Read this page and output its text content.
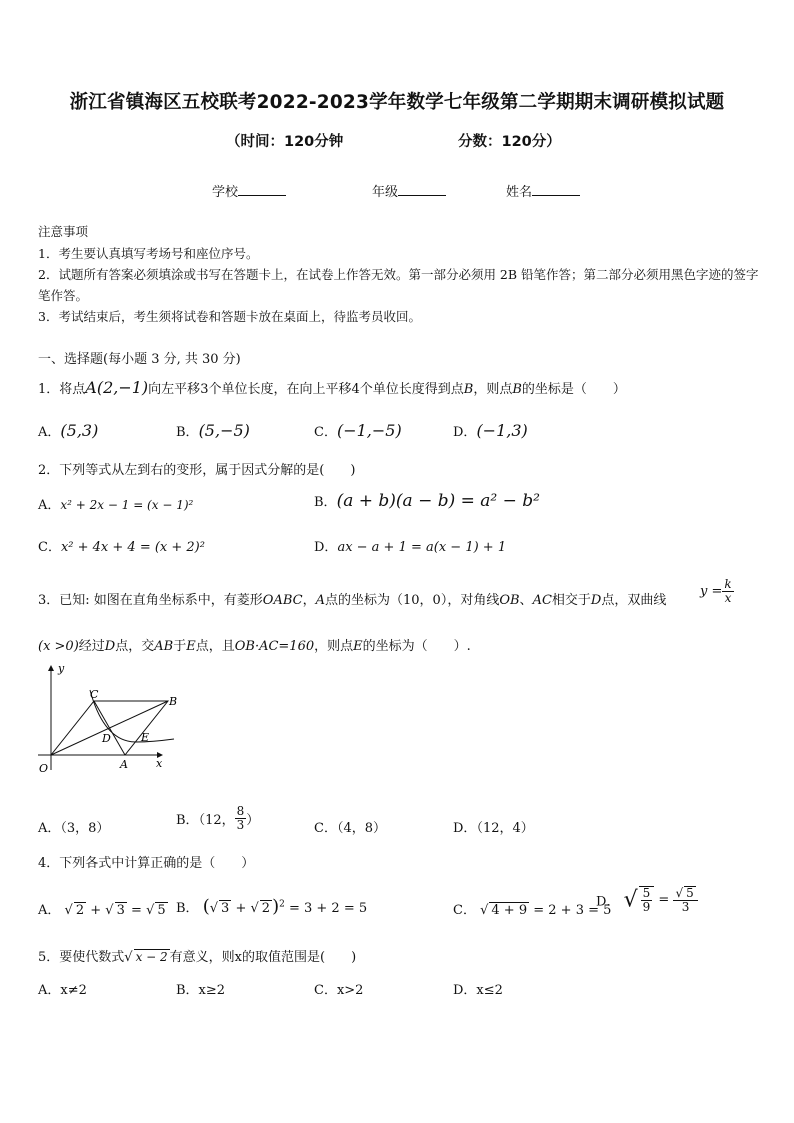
浙江省镇海区五校联考2022-2023学年数学七年级第二学期期末调研模拟试题
（时间：120分钟	分数：120分）
学校	年级	姓名
注意事项
1．考生要认真填写考场号和座位序号。
2．试题所有答案必须填涂或书写在答题卡上，在试卷上作答无效。第一部分必须用 2B 铅笔作答；第二部分必须用黑色字迹的签字笔作答。
3．考试结束后，考生须将试卷和答题卡放在桌面上，待监考员收回。
一、选择题(每小题 3 分, 共 30 分)
1．将点A(2,−1)向左平移3个单位长度，在向上平移4个单位长度得到点B，则点B的坐标是（　　）
A．(5,3)	B．(5,−5)	C．(−1,−5)	D．(−1,3)
2．下列等式从左到右的变形，属于因式分解的是(　　)
A．x² + 2x − 1 = (x − 1)²	B．(a + b)(a − b) = a² − b²
C．x² + 4x + 4 = (x + 2)²	D．ax − a + 1 = a(x − 1) + 1
3．已知: 如图在直角坐标系中，有菱形OABC，A点的坐标为（10，0），对角线OB、AC相交于D点，双曲线
$y = \frac{k}{x}$
(x >0)经过D点，交AB于E点，且OB·AC=160，则点E的坐标为（　　）.
y
x
O	A
B
C
D	E
A．（3，8）
B．（12， $\frac{8}{3}$ ）
C．（4，8）	D．（12，4）
4．下列各式中计算正确的是（　　）
A． √ 2 + √ 3 = √ 5 B． (√ 3 + √ 2 )$^2$ = 3 + 2 = 5	C． √ 4 + 9 = 2 + 3 = 5
D． √ $\frac{5}{9} = \frac{√ 5}{3}$
5．要使代数式√ x − 2 有意义，则x的取值范围是(　　)
A．x≠2	B．x≥2	C．x>2	D．x≤2
